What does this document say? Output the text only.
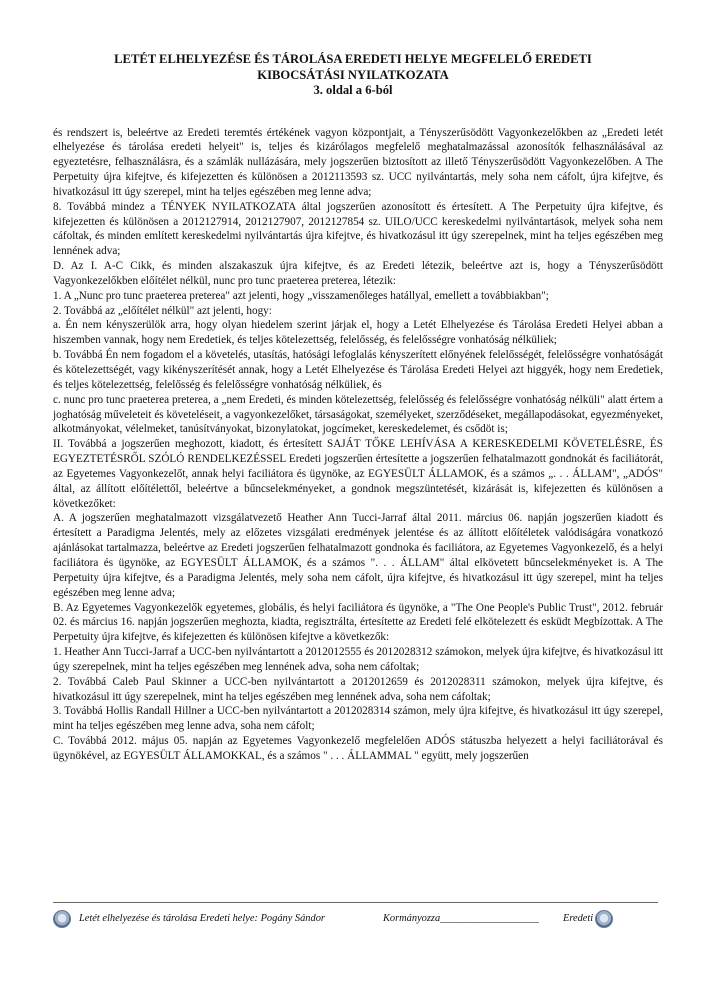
LETÉT ELHELYEZÉSE ÉS TÁROLÁSA EREDETI HELYE MEGFELELŐ EREDETI
KIBOCSÁTÁSI NYILATKOZATA
3. oldal a 6-ból

és rendszert is, beleértve az Eredeti teremtés értékének vagyon központjait, a Tényszerűsödött Vagyonkezelőkben az „Eredeti letét elhelyezése és tárolása eredeti helyeit" is, teljes és kizárólagos megfelelő meghatalmazással azonosítók felhasználásával az egyeztetésre, felhasználásra, és a számlák nullázására, mely jogszerűen biztosított az illető Tényszerűsödött Vagyonkezelőben. A The Perpetuity újra kifejtve, és kifejezetten és különösen a 2012113593 sz. UCC nyilvántartás, mely soha nem cáfolt, újra kifejtve, és hivatkozásul itt úgy szerepel, mint ha teljes egészében meg lenne adva;

8. Továbbá mindez a TÉNYEK NYILATKOZATA által jogszerűen azonosított és értesített. A The Perpetuity újra kifejtve, és kifejezetten és különösen a 2012127914, 2012127907, 2012127854 sz. UILO/UCC kereskedelmi nyilvántartások, melyek soha nem cáfoltak, és minden említett kereskedelmi nyilvántartás újra kifejtve, és hivatkozásul itt úgy szerepelnek, mint ha teljes egészében meg lennének adva;

D. Az I. A-C Cikk, és minden alszakaszuk újra kifejtve, és az Eredeti létezik, beleértve azt is, hogy a Tényszerűsödött Vagyonkezelőkben előítélet nélkül, nunc pro tunc praeterea preterea, létezik:

1. A „Nunc pro tunc praeterea preterea" azt jelenti, hogy „visszamenőleges hatállyal, emellett a továbbiakban";

2. Továbbá az „előítélet nélkül" azt jelenti, hogy:

a. Én nem kényszerülök arra, hogy olyan hiedelem szerint járjak el, hogy a Letét Elhelyezése és Tárolása Eredeti Helyei abban a hiszemben vannak, hogy nem Eredetiek, és teljes kötelezettség, felelősség, és felelősségre vonhatóság nélküliek;

b. Továbbá Én nem fogadom el a követelés, utasítás, hatósági lefoglalás kényszerített előnyének felelősségét, felelősségre vonhatóságát és kötelezettségét, vagy kikényszerítését annak, hogy a Letét Elhelyezése és Tárolása Eredeti Helyei azt higgyék, hogy nem Eredetiek, és teljes kötelezettség, felelősség és felelősségre vonhatóság nélküliek, és

c. nunc pro tunc praeterea preterea, a „nem Eredeti, és minden kötelezettség, felelősség és felelősségre vonhatóság nélküli" alatt értem a joghatóság műveleteit és követeléseit, a vagyonkezelőket, társaságokat, személyeket, szerződéseket, megállapodásokat, egyezményeket, alkotmányokat, vélelmeket, tanúsítványokat, bizonylatokat, jogcímeket, kereskedelemet, és csődöt is;

II. Továbbá a jogszerűen meghozott, kiadott, és értesített SAJÁT TŐKE LEHÍVÁSA A KERESKEDELMI KÖVETELÉSRE, ÉS EGYEZTETÉSRŐL SZÓLÓ RENDELKEZÉSSEL Eredeti jogszerűen értesítette a jogszerűen felhatalmazott gondnokát és faciliátorát, az Egyetemes Vagyonkezelőt, annak helyi faciliátora és ügynöke, az EGYESÜLT ÁLLAMOK, és a számos „. . . ÁLLAM", „ADÓS" által, az állított előítélettől, beleértve a bűncselekményeket, a gondnok megszüntetését, kizárását is, kifejezetten és különösen a következőket:

A. A jogszerűen meghatalmazott vizsgálatvezető Heather Ann Tucci-Jarraf által 2011. március 06. napján jogszerűen kiadott és értesített a Paradigma Jelentés, mely az előzetes vizsgálati eredmények jelentése és az állított előítéletek valódiságára vonatkozó ajánlásokat tartalmazza, beleértve az Eredeti jogszerűen felhatalmazott gondnoka és faciliátora, az Egyetemes Vagyonkezelő, és a helyi faciliátora és ügynöke, az EGYESÜLT ÁLLAMOK, és a számos ". . . ÁLLAM" által elkövetett bűncselekményeket is. A The Perpetuity újra kifejtve, és a Paradigma Jelentés, mely soha nem cáfolt, újra kifejtve, és hivatkozásul itt úgy szerepel, mint ha teljes egészében meg lenne adva;

B. Az Egyetemes Vagyonkezelők egyetemes, globális, és helyi faciliátora és ügynöke, a "The One People's Public Trust", 2012. február 02. és március 16. napján jogszerűen meghozta, kiadta, regisztrálta, értesítette az Eredeti felé elkötelezett és esküdt Megbízottak. A The Perpetuity újra kifejtve, és kifejezetten és különösen kifejtve a következők:

1. Heather Ann Tucci-Jarraf a UCC-ben nyilvántartott a 2012012555 és 2012028312 számokon, melyek újra kifejtve, és hivatkozásul itt úgy szerepelnek, mint ha teljes egészében meg lennének adva, soha nem cáfoltak;

2. Továbbá Caleb Paul Skinner a UCC-ben nyilvántartott a 2012012659 és 2012028311 számokon, melyek újra kifejtve, és hivatkozásul itt úgy szerepelnek, mint ha teljes egészében meg lennének adva, soha nem cáfoltak;

3. Továbbá Hollis Randall Hillner a UCC-ben nyilvántartott a 2012028314 számon, mely újra kifejtve, és hivatkozásul itt úgy szerepel, mint ha teljes egészében meg lenne adva, soha nem cáfolt;

C. Továbbá 2012. május 05. napján az Egyetemes Vagyonkezelő megfelelően ADÓS státuszba helyezett a helyi faciliátorával és ügynökével, az EGYESÜLT ÁLLAMOKKAL, és a számos " . . . ÁLLAMMAL " együtt, mely jogszerűen

Letét elhelyezése és tárolása Eredeti helye: Pogány Sándor	Kormányozza___________________ Eredeti
